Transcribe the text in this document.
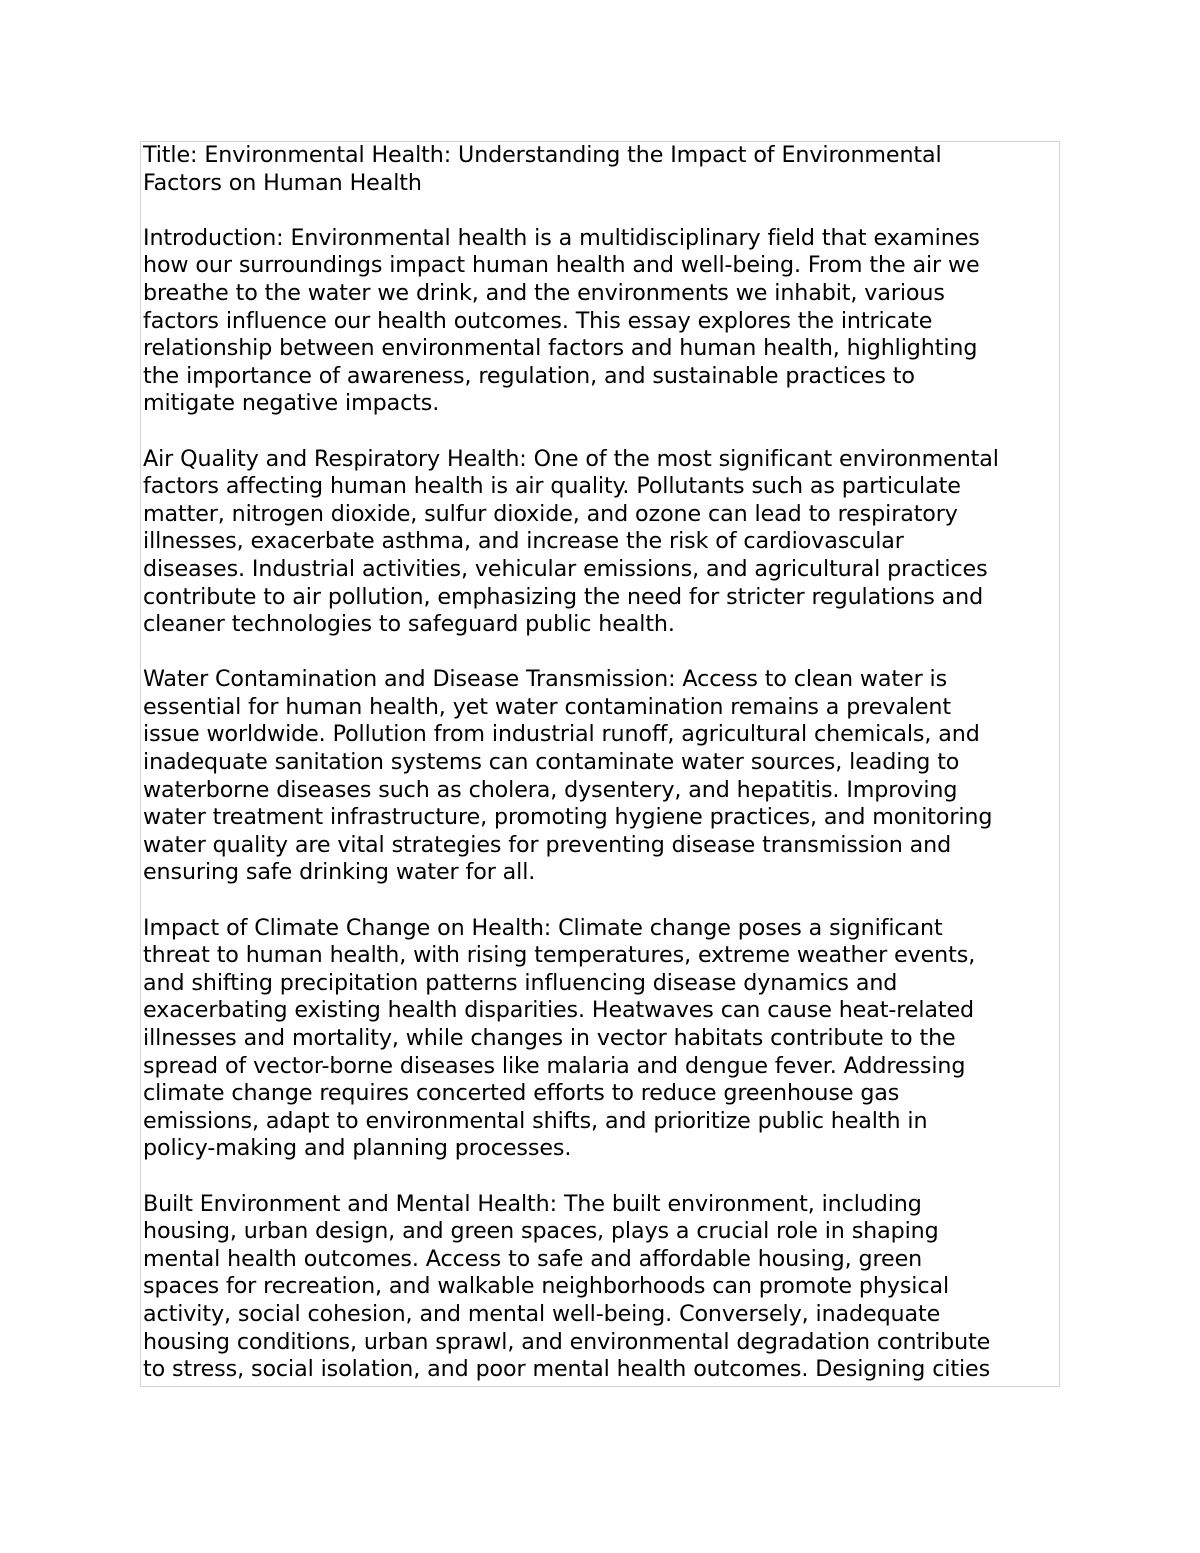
Title: Environmental Health: Understanding the Impact of Environmental
Factors on Human Health
Introduction: Environmental health is a multidisciplinary field that examines
how our surroundings impact human health and well-being. From the air we
breathe to the water we drink, and the environments we inhabit, various
factors influence our health outcomes. This essay explores the intricate
relationship between environmental factors and human health, highlighting
the importance of awareness, regulation, and sustainable practices to
mitigate negative impacts.
Air Quality and Respiratory Health: One of the most significant environmental
factors affecting human health is air quality. Pollutants such as particulate
matter, nitrogen dioxide, sulfur dioxide, and ozone can lead to respiratory
illnesses, exacerbate asthma, and increase the risk of cardiovascular
diseases. Industrial activities, vehicular emissions, and agricultural practices
contribute to air pollution, emphasizing the need for stricter regulations and
cleaner technologies to safeguard public health.
Water Contamination and Disease Transmission: Access to clean water is
essential for human health, yet water contamination remains a prevalent
issue worldwide. Pollution from industrial runoff, agricultural chemicals, and
inadequate sanitation systems can contaminate water sources, leading to
waterborne diseases such as cholera, dysentery, and hepatitis. Improving
water treatment infrastructure, promoting hygiene practices, and monitoring
water quality are vital strategies for preventing disease transmission and
ensuring safe drinking water for all.
Impact of Climate Change on Health: Climate change poses a significant
threat to human health, with rising temperatures, extreme weather events,
and shifting precipitation patterns influencing disease dynamics and
exacerbating existing health disparities. Heatwaves can cause heat-related
illnesses and mortality, while changes in vector habitats contribute to the
spread of vector-borne diseases like malaria and dengue fever. Addressing
climate change requires concerted efforts to reduce greenhouse gas
emissions, adapt to environmental shifts, and prioritize public health in
policy-making and planning processes.
Built Environment and Mental Health: The built environment, including
housing, urban design, and green spaces, plays a crucial role in shaping
mental health outcomes. Access to safe and affordable housing, green
spaces for recreation, and walkable neighborhoods can promote physical
activity, social cohesion, and mental well-being. Conversely, inadequate
housing conditions, urban sprawl, and environmental degradation contribute
to stress, social isolation, and poor mental health outcomes. Designing cities
